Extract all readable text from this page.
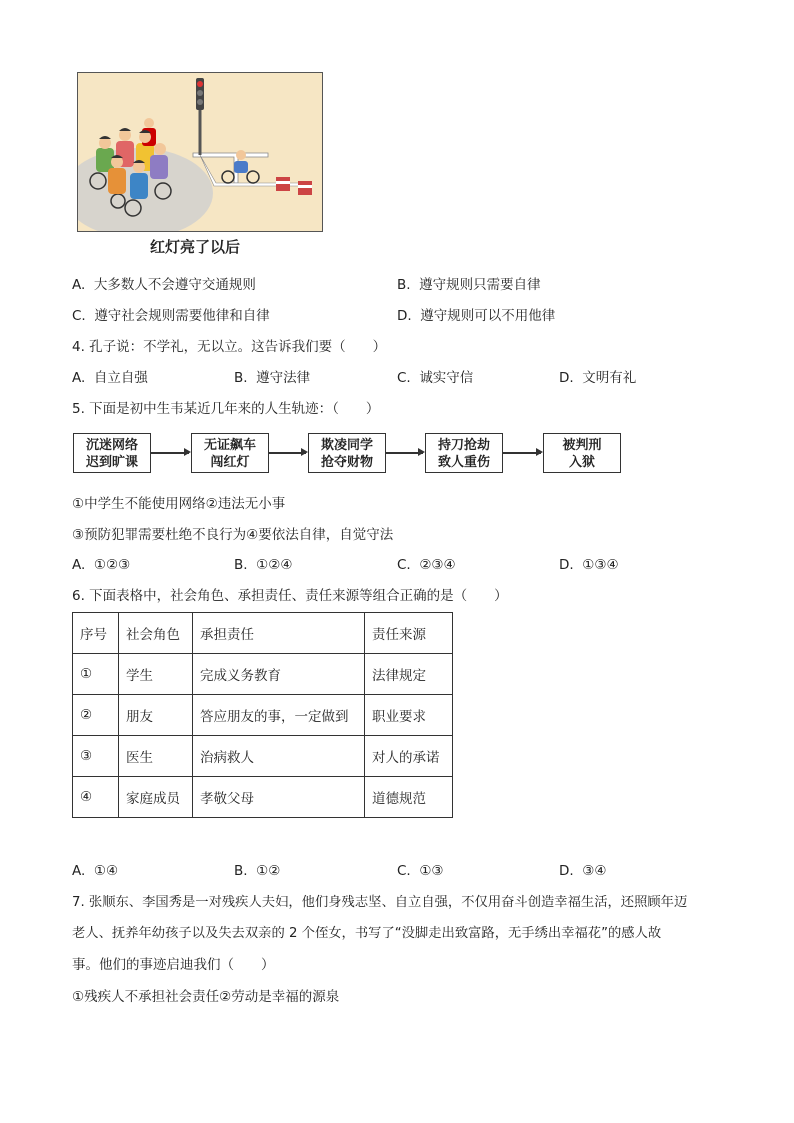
红灯亮了以后
A. 大多数人不会遵守交通规则	B. 遵守规则只需要自律
C. 遵守社会规则需要他律和自律	D. 遵守规则可以不用他律
4. 孔子说：不学礼，无以立。这告诉我们要（　　）
A. 自立自强	B. 遵守法律	C. 诚实守信	D. 文明有礼
5. 下面是初中生韦某近几年来的人生轨迹：（　　）
沉迷网络
迟到旷课
无证飙车
闯红灯
欺凌同学
抢夺财物
持刀抢劫
致人重伤
被判刑
入狱
①中学生不能使用网络②违法无小事
③预防犯罪需要杜绝不良行为④要依法自律，自觉守法
A. ①②③	B. ①②④	C. ②③④	D. ①③④
6. 下面表格中，社会角色、承担责任、责任来源等组合正确的是（　　）
序号	社会角色	承担责任	责任来源
①	学生	完成义务教育	法律规定
②	朋友	答应朋友的事，一定做到	职业要求
③	医生	治病救人	对人的承诺
④	家庭成员	孝敬父母	道德规范
A. ①④	B. ①②	C. ①③	D. ③④
7. 张顺东、李国秀是一对残疾人夫妇，他们身残志坚、自立自强，不仅用奋斗创造幸福生活，还照顾年迈
老人、抚养年幼孩子以及失去双亲的 2 个侄女，书写了“没脚走出致富路，无手绣出幸福花”的感人故
事。他们的事迹启迪我们（　　）
①残疾人不承担社会责任②劳动是幸福的源泉
